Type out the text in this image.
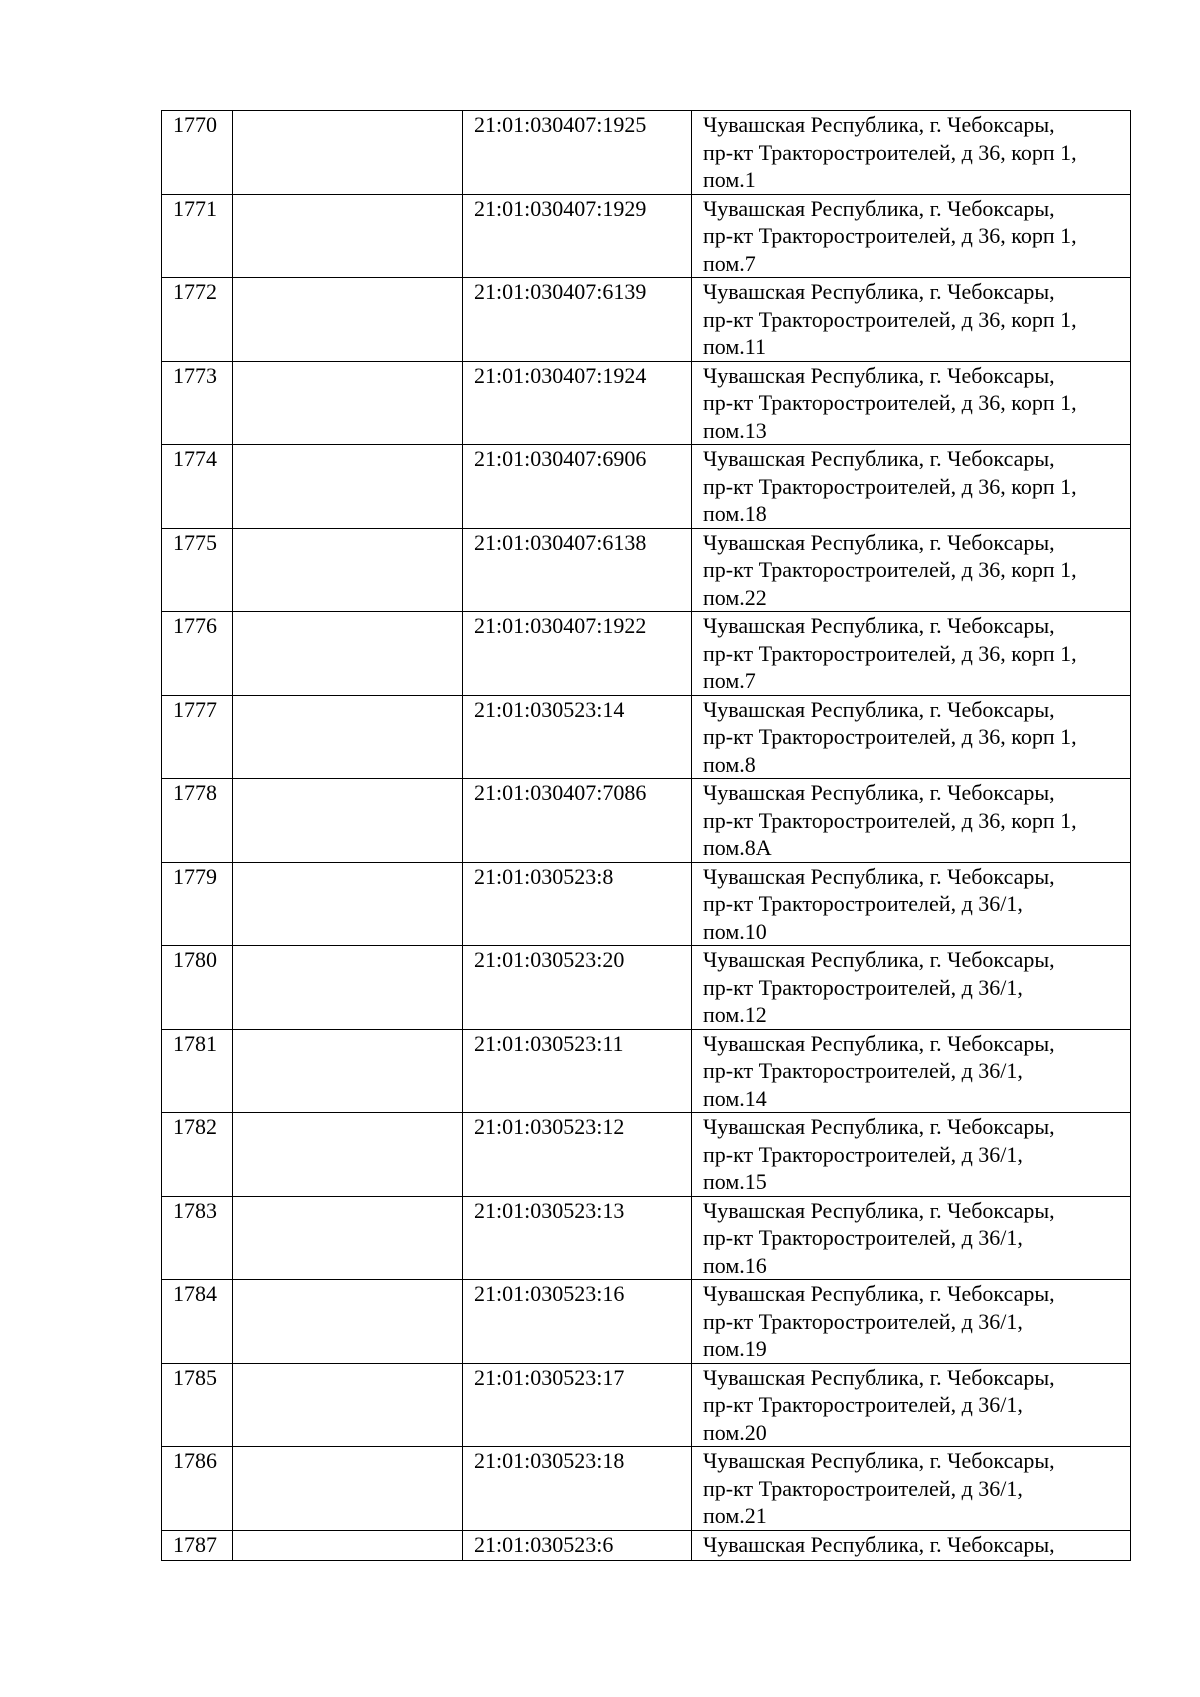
1770		21:01:030407:1925	Чувашская Республика, г. Чебоксары,
пр-кт Тракторостроителей, д 36, корп 1,
пом.1

1771		21:01:030407:1929	Чувашская Республика, г. Чебоксары,
пр-кт Тракторостроителей, д 36, корп 1,
пом.7

1772		21:01:030407:6139	Чувашская Республика, г. Чебоксары,
пр-кт Тракторостроителей, д 36, корп 1,
пом.11

1773		21:01:030407:1924	Чувашская Республика, г. Чебоксары,
пр-кт Тракторостроителей, д 36, корп 1,
пом.13

1774		21:01:030407:6906	Чувашская Республика, г. Чебоксары,
пр-кт Тракторостроителей, д 36, корп 1,
пом.18

1775		21:01:030407:6138	Чувашская Республика, г. Чебоксары,
пр-кт Тракторостроителей, д 36, корп 1,
пом.22

1776		21:01:030407:1922	Чувашская Республика, г. Чебоксары,
пр-кт Тракторостроителей, д 36, корп 1,
пом.7

1777		21:01:030523:14	Чувашская Республика, г. Чебоксары,
пр-кт Тракторостроителей, д 36, корп 1,
пом.8

1778		21:01:030407:7086	Чувашская Республика, г. Чебоксары,
пр-кт Тракторостроителей, д 36, корп 1,
пом.8А

1779		21:01:030523:8	Чувашская Республика, г. Чебоксары,
пр-кт Тракторостроителей, д 36/1,
пом.10

1780		21:01:030523:20	Чувашская Республика, г. Чебоксары,
пр-кт Тракторостроителей, д 36/1,
пом.12

1781		21:01:030523:11	Чувашская Республика, г. Чебоксары,
пр-кт Тракторостроителей, д 36/1,
пом.14

1782		21:01:030523:12	Чувашская Республика, г. Чебоксары,
пр-кт Тракторостроителей, д 36/1,
пом.15

1783		21:01:030523:13	Чувашская Республика, г. Чебоксары,
пр-кт Тракторостроителей, д 36/1,
пом.16

1784		21:01:030523:16	Чувашская Республика, г. Чебоксары,
пр-кт Тракторостроителей, д 36/1,
пом.19

1785		21:01:030523:17	Чувашская Республика, г. Чебоксары,
пр-кт Тракторостроителей, д 36/1,
пом.20

1786		21:01:030523:18	Чувашская Республика, г. Чебоксары,
пр-кт Тракторостроителей, д 36/1,
пом.21

1787		21:01:030523:6	Чувашская Республика, г. Чебоксары,
